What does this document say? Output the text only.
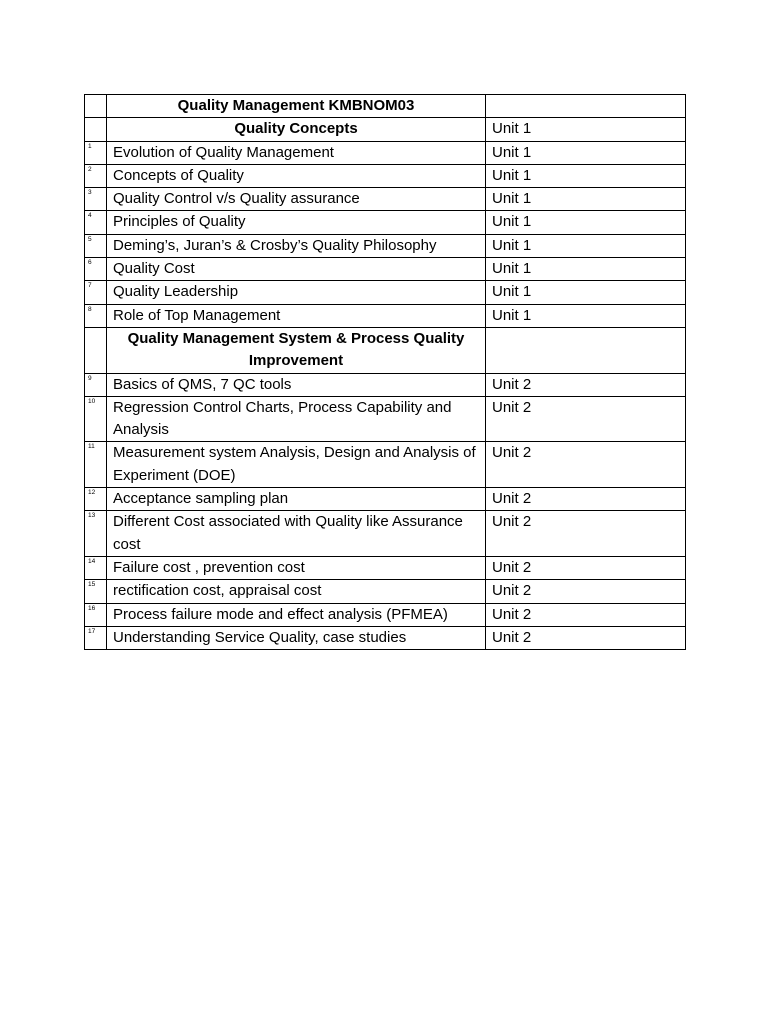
	Quality Management KMBNOM03	
	Quality Concepts	Unit 1
1	Evolution of Quality Management	Unit 1
2	Concepts of Quality	Unit 1
3	Quality Control v/s Quality assurance	Unit 1
4	Principles of Quality	Unit 1
5	Deming’s, Juran’s & Crosby’s Quality Philosophy	Unit 1
6	Quality Cost	Unit 1
7	Quality Leadership	Unit 1
8	Role of Top Management	Unit 1
	Quality Management System & Process Quality Improvement	
9	Basics of QMS, 7 QC tools	Unit 2
10	Regression Control Charts, Process Capability and Analysis	Unit 2
11	Measurement system Analysis, Design and Analysis of Experiment (DOE)	Unit 2
12	Acceptance sampling plan	Unit 2
13	Different Cost associated with Quality like Assurance cost	Unit 2
14	Failure cost , prevention cost	Unit 2
15	rectification cost, appraisal cost	Unit 2
16	Process failure mode and effect analysis (PFMEA)	Unit 2
17	Understanding Service Quality, case studies	Unit 2
